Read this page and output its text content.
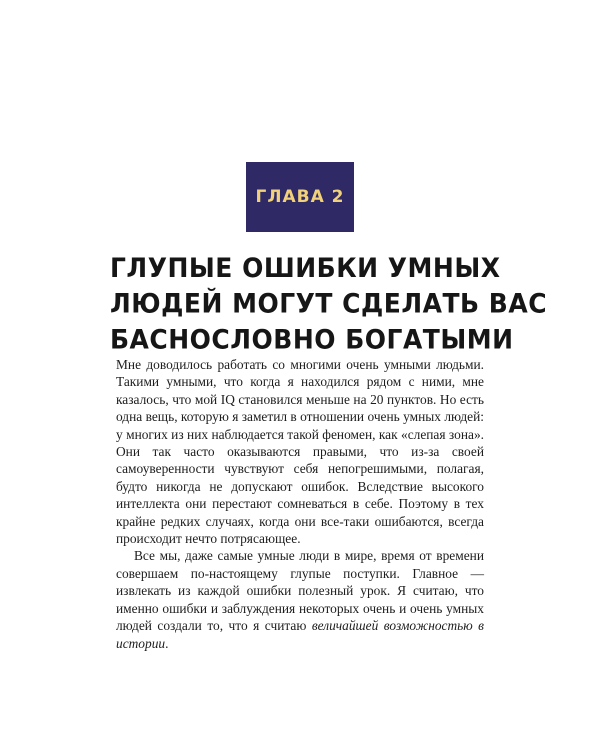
ГЛАВА 2
ГЛУПЫЕ ОШИБКИ УМНЫХ
ЛЮДЕЙ МОГУТ СДЕЛАТЬ ВАС
БАСНОСЛОВНО БОГАТЫМИ

Мне доводилось работать со многими очень умными людьми. Такими умными, что когда я находился рядом с ними, мне казалось, что мой IQ становился меньше на 20 пунктов. Но есть одна вещь, которую я заметил в отношении очень умных людей: у многих из них наблюдается такой феномен, как «слепая зона». Они так часто оказываются правыми, что из-за своей самоуверенности чувствуют себя непогрешимыми, полагая, будто никогда не допускают ошибок. Вследствие высокого интеллекта они перестают сомневаться в себе. Поэтому в тех крайне редких случаях, когда они все-таки ошибаются, всегда происходит нечто потрясающее.

Все мы, даже самые умные люди в мире, время от времени совершаем по-настоящему глупые поступки. Главное — извлекать из каждой ошибки полезный урок. Я считаю, что именно ошибки и заблуждения некоторых очень и очень умных людей создали то, что я считаю величайшей возможностью в истории.
